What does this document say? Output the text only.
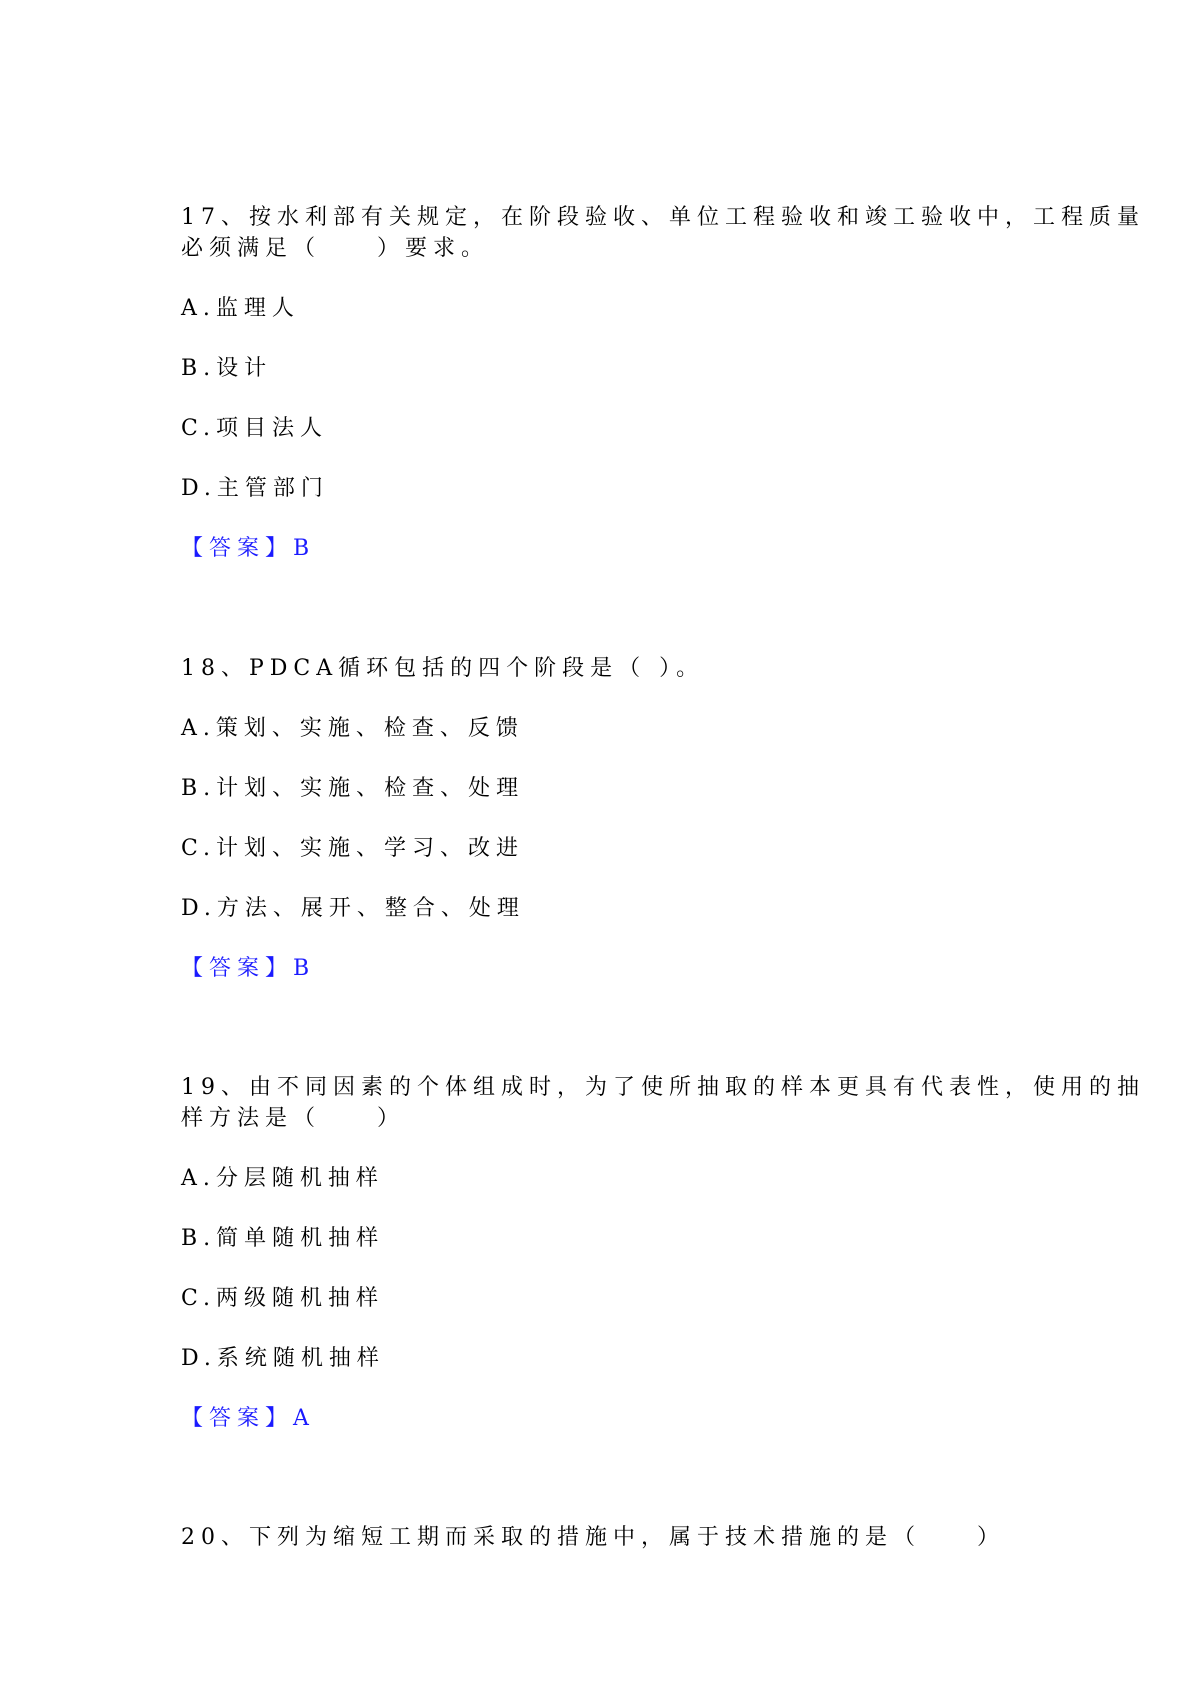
17、按水利部有关规定，在阶段验收、单位工程验收和竣工验收中，工程质量
必须满足（　　）要求。
A.监理人
B.设计
C.项目法人
D.主管部门
【答案】B
18、PDCA循环包括的四个阶段是（ ）。
A.策划、实施、检查、反馈
B.计划、实施、检查、处理
C.计划、实施、学习、改进
D.方法、展开、整合、处理
【答案】B
19、由不同因素的个体组成时，为了使所抽取的样本更具有代表性，使用的抽
样方法是（　　）
A.分层随机抽样
B.简单随机抽样
C.两级随机抽样
D.系统随机抽样
【答案】A
20、下列为缩短工期而采取的措施中，属于技术措施的是（　　）
